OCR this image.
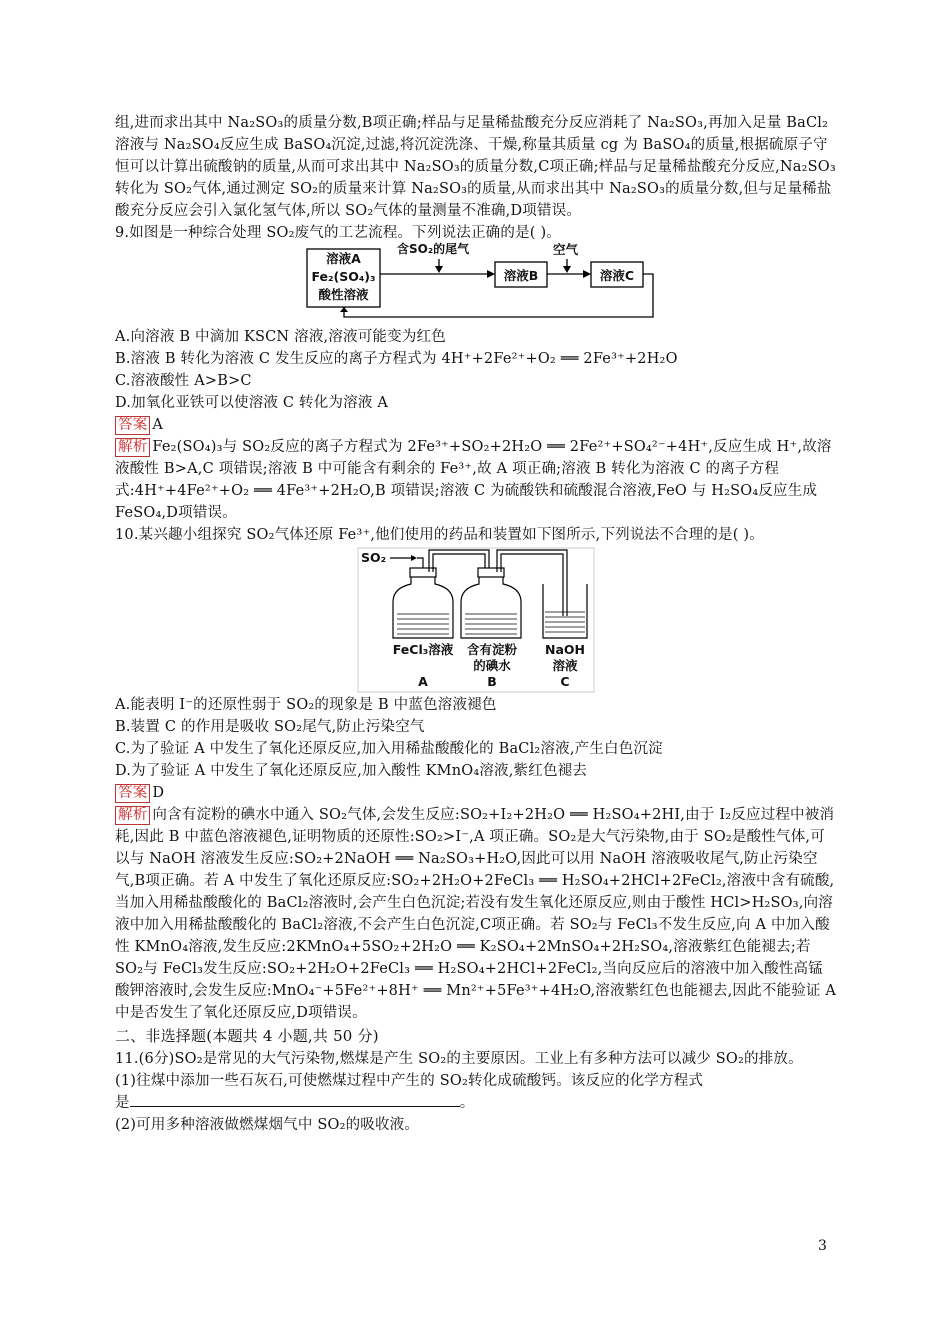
组,进而求出其中 Na₂SO₃的质量分数,B项正确;样品与足量稀盐酸充分反应消耗了 Na₂SO₃,再加入足量 BaCl₂溶液与 Na₂SO₄反应生成 BaSO₄沉淀,过滤,将沉淀洗涤、干燥,称量其质量 cg 为 BaSO₄的质量,根据硫原子守恒可以计算出硫酸钠的质量,从而可求出其中 Na₂SO₃的质量分数,C项正确;样品与足量稀盐酸充分反应,Na₂SO₃转化为 SO₂气体,通过测定 SO₂的质量来计算 Na₂SO₃的质量,从而求出其中 Na₂SO₃的质量分数,但与足量稀盐酸充分反应会引入氯化氢气体,所以 SO₂气体的量测量不准确,D项错误。

9.如图是一种综合处理 SO₂废气的工艺流程。下列说法正确的是( )。

溶液A
Fe₂(SO₄)₃
酸性溶液
含SO₂的尾气
溶液B
空气
溶液C

A.向溶液 B 中滴加 KSCN 溶液,溶液可能变为红色

B.溶液 B 转化为溶液 C 发生反应的离子方程式为 4H⁺+2Fe²⁺+O₂ ══ 2Fe³⁺+2H₂O

C.溶液酸性 A>B>C

D.加氧化亚铁可以使溶液 C 转化为溶液 A

答案 A

解析 Fe₂(SO₄)₃与 SO₂反应的离子方程式为 2Fe³⁺+SO₂+2H₂O ══ 2Fe²⁺+SO₄²⁻+4H⁺,反应生成 H⁺,故溶液酸性 B>A,C 项错误;溶液 B 中可能含有剩余的 Fe³⁺,故 A 项正确;溶液 B 转化为溶液 C 的离子方程式:4H⁺+4Fe²⁺+O₂ ══ 4Fe³⁺+2H₂O,B 项错误;溶液 C 为硫酸铁和硫酸混合溶液,FeO 与 H₂SO₄反应生成 FeSO₄,D项错误。

10.某兴趣小组探究 SO₂气体还原 Fe³⁺,他们使用的药品和装置如下图所示,下列说法不合理的是( )。

SO₂
FeCl₃溶液
A
含有淀粉
的碘水
B
NaOH
溶液
C

A.能表明 I⁻的还原性弱于 SO₂的现象是 B 中蓝色溶液褪色

B.装置 C 的作用是吸收 SO₂尾气,防止污染空气

C.为了验证 A 中发生了氧化还原反应,加入用稀盐酸酸化的 BaCl₂溶液,产生白色沉淀

D.为了验证 A 中发生了氧化还原反应,加入酸性 KMnO₄溶液,紫红色褪去

答案 D

解析 向含有淀粉的碘水中通入 SO₂气体,会发生反应:SO₂+I₂+2H₂O ══ H₂SO₄+2HI,由于 I₂反应过程中被消耗,因此 B 中蓝色溶液褪色,证明物质的还原性:SO₂>I⁻,A 项正确。SO₂是大气污染物,由于 SO₂是酸性气体,可以与 NaOH 溶液发生反应:SO₂+2NaOH ══ Na₂SO₃+H₂O,因此可以用 NaOH 溶液吸收尾气,防止污染空气,B项正确。若 A 中发生了氧化还原反应:SO₂+2H₂O+2FeCl₃ ══ H₂SO₄+2HCl+2FeCl₂,溶液中含有硫酸,当加入用稀盐酸酸化的 BaCl₂溶液时,会产生白色沉淀;若没有发生氧化还原反应,则由于酸性 HCl>H₂SO₃,向溶液中加入用稀盐酸酸化的 BaCl₂溶液,不会产生白色沉淀,C项正确。若 SO₂与 FeCl₃不发生反应,向 A 中加入酸性 KMnO₄溶液,发生反应:2KMnO₄+5SO₂+2H₂O ══ K₂SO₄+2MnSO₄+2H₂SO₄,溶液紫红色能褪去;若 SO₂与 FeCl₃发生反应:SO₂+2H₂O+2FeCl₃ ══ H₂SO₄+2HCl+2FeCl₂,当向反应后的溶液中加入酸性高锰酸钾溶液时,会发生反应:MnO₄⁻+5Fe²⁺+8H⁺ ══ Mn²⁺+5Fe³⁺+4H₂O,溶液紫红色也能褪去,因此不能验证 A 中是否发生了氧化还原反应,D项错误。

二、非选择题(本题共 4 小题,共 50 分)

11.(6分)SO₂是常见的大气污染物,燃煤是产生 SO₂的主要原因。工业上有多种方法可以减少 SO₂的排放。

(1)往煤中添加一些石灰石,可使燃煤过程中产生的 SO₂转化成硫酸钙。该反应的化学方程式

是	。

(2)可用多种溶液做燃煤烟气中 SO₂的吸收液。

3
